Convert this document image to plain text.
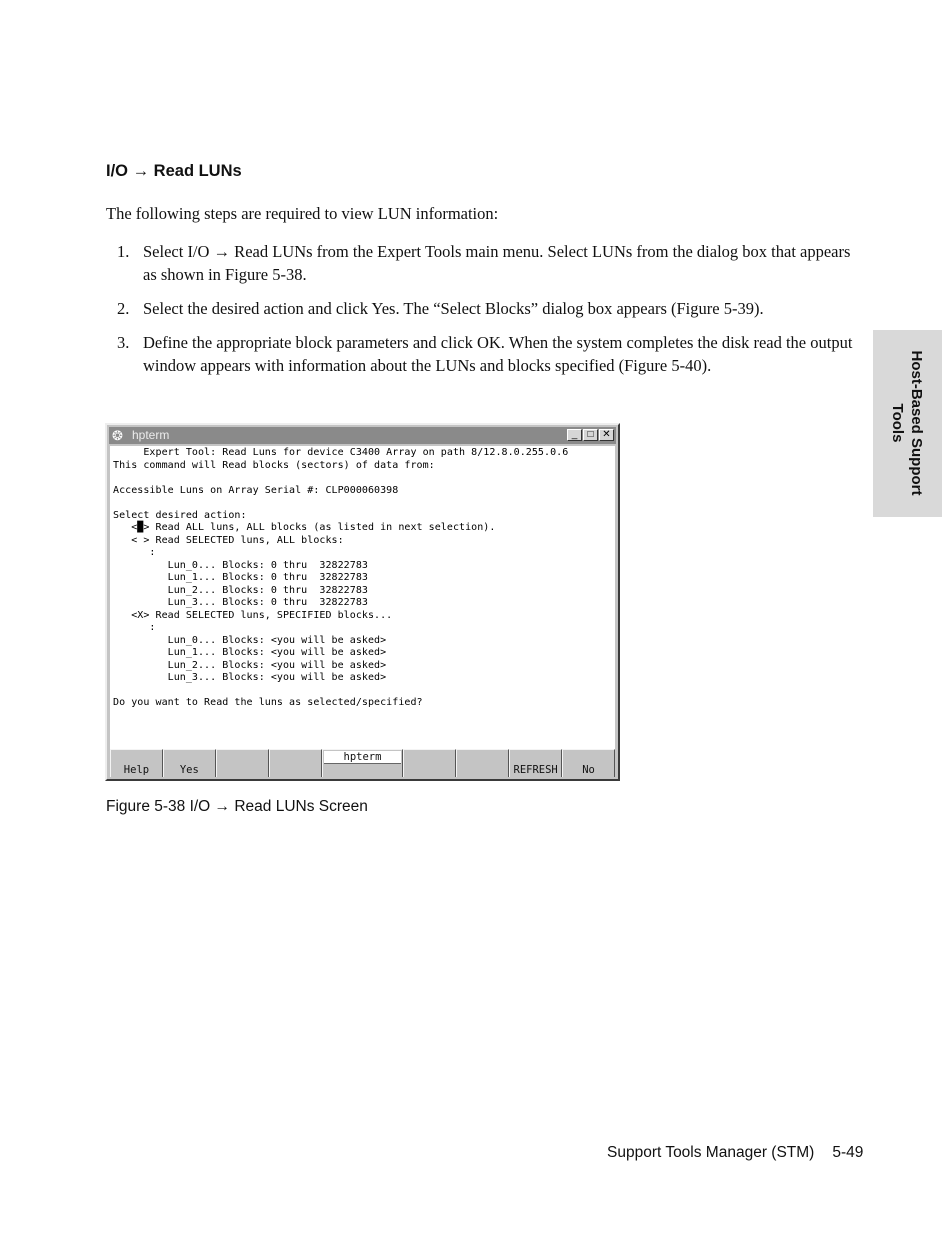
I/O → Read LUNs
The following steps are required to view LUN information:
1. Select I/O → Read LUNs from the Expert Tools main menu. Select LUNs from the dialog box that appears as shown in Figure 5-38.
2. Select the desired action and click Yes. The “Select Blocks” dialog box appears (Figure 5-39).
3. Define the appropriate block parameters and click OK. When the system completes the disk read the output window appears with information about the LUNs and blocks specified (Figure 5-40).	Host-Based Support
Tools
❂ hpterm	_	□ ✕
Expert Tool: Read Luns for device C3400 Array on path 8/12.8.0.255.0.6
This command will Read blocks (sectors) of data from:

Accessible Luns on Array Serial #: CLP000060398

Select desired action:
<█> Read ALL luns, ALL blocks (as listed in next selection).
< > Read SELECTED luns, ALL blocks:
:
Lun_0... Blocks: 0 thru  32822783
Lun_1... Blocks: 0 thru  32822783
Lun_2... Blocks: 0 thru  32822783
Lun_3... Blocks: 0 thru  32822783
<X> Read SELECTED luns, SPECIFIED blocks...
:
Lun_0... Blocks: <you will be asked>
Lun_1... Blocks: <you will be asked>
Lun_2... Blocks: <you will be asked>
Lun_3... Blocks: <you will be asked>

Do you want to Read the luns as selected/specified?
Help	Yes
hpterm
REFRESH	No
Figure 5-38 I/O → Read LUNs Screen
Support Tools Manager (STM) 5-49
